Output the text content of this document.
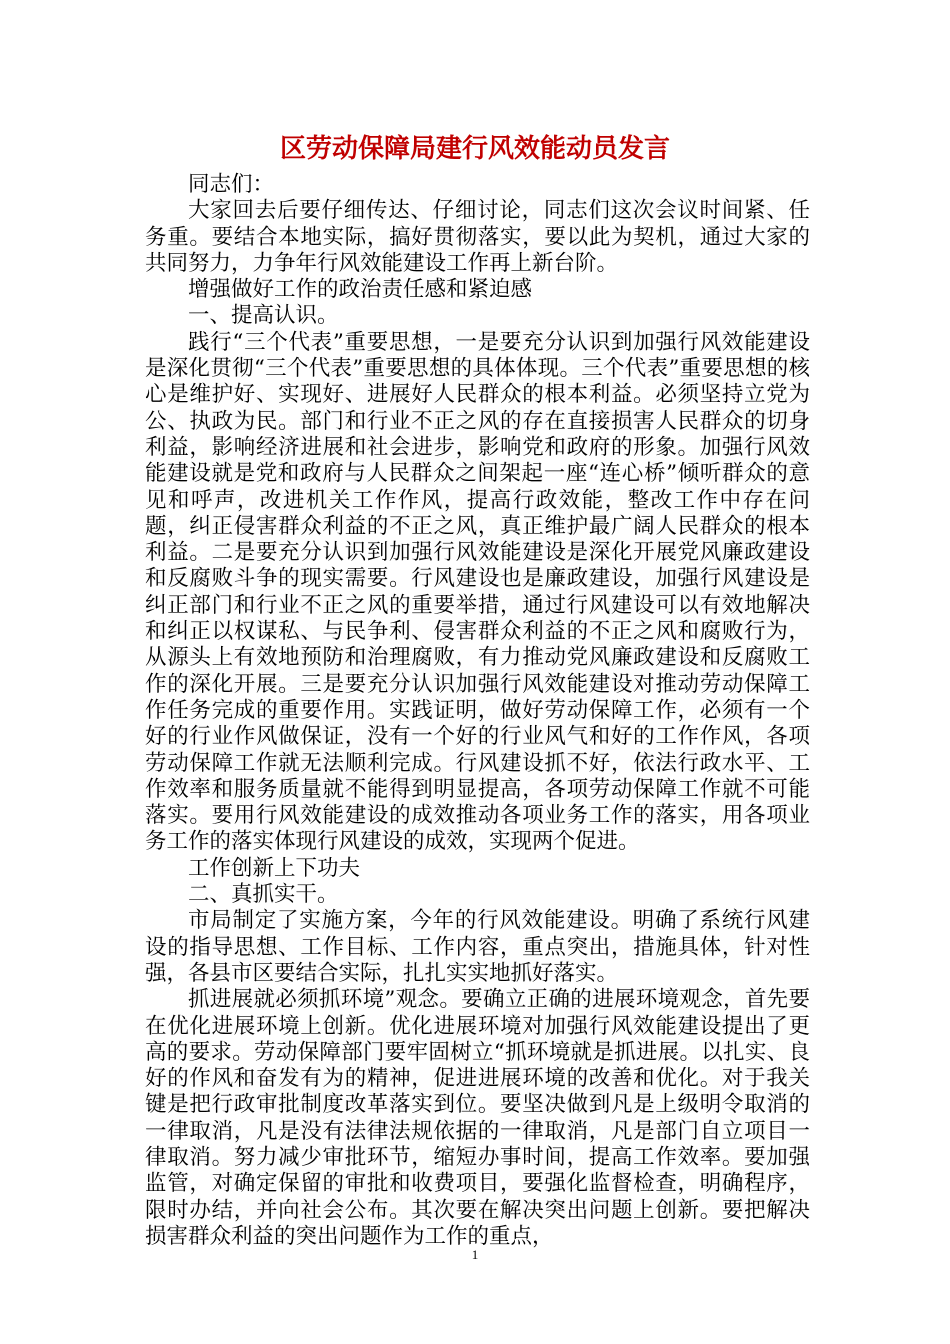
区劳动保障局建行风效能动员发言

同志们：

大家回去后要仔细传达、仔细讨论，同志们这次会议时间紧、任务重。要结合本地实际，搞好贯彻落实，要以此为契机，通过大家的共同努力，力争年行风效能建设工作再上新台阶。

增强做好工作的政治责任感和紧迫感

一、提高认识。

践行“三个代表”重要思想，一是要充分认识到加强行风效能建设是深化贯彻“三个代表”重要思想的具体体现。三个代表”重要思想的核心是维护好、实现好、进展好人民群众的根本利益。必须坚持立党为公、执政为民。部门和行业不正之风的存在直接损害人民群众的切身利益，影响经济进展和社会进步，影响党和政府的形象。加强行风效能建设就是党和政府与人民群众之间架起一座“连心桥”倾听群众的意见和呼声，改进机关工作作风，提高行政效能，整改工作中存在问题，纠正侵害群众利益的不正之风，真正维护最广阔人民群众的根本利益。二是要充分认识到加强行风效能建设是深化开展党风廉政建设和反腐败斗争的现实需要。行风建设也是廉政建设，加强行风建设是纠正部门和行业不正之风的重要举措，通过行风建设可以有效地解决和纠正以权谋私、与民争利、侵害群众利益的不正之风和腐败行为，从源头上有效地预防和治理腐败，有力推动党风廉政建设和反腐败工作的深化开展。三是要充分认识加强行风效能建设对推动劳动保障工作任务完成的重要作用。实践证明，做好劳动保障工作，必须有一个好的行业作风做保证，没有一个好的行业风气和好的工作作风，各项劳动保障工作就无法顺利完成。行风建设抓不好，依法行政水平、工作效率和服务质量就不能得到明显提高，各项劳动保障工作就不可能落实。要用行风效能建设的成效推动各项业务工作的落实，用各项业务工作的落实体现行风建设的成效，实现两个促进。

工作创新上下功夫

二、真抓实干。

市局制定了实施方案，今年的行风效能建设。明确了系统行风建设的指导思想、工作目标、工作内容，重点突出，措施具体，针对性强，各县市区要结合实际，扎扎实实地抓好落实。

抓进展就必须抓环境”观念。要确立正确的进展环境观念，首先要在优化进展环境上创新。优化进展环境对加强行风效能建设提出了更高的要求。劳动保障部门要牢固树立“抓环境就是抓进展。以扎实、良好的作风和奋发有为的精神，促进进展环境的改善和优化。对于我关键是把行政审批制度改革落实到位。要坚决做到凡是上级明令取消的一律取消，凡是没有法律法规依据的一律取消，凡是部门自立项目一律取消。努力减少审批环节，缩短办事时间，提高工作效率。要加强监管，对确定保留的审批和收费项目，要强化监督检查，明确程序，限时办结，并向社会公布。其次要在解决突出问题上创新。要把解决损害群众利益的突出问题作为工作的重点，

1
